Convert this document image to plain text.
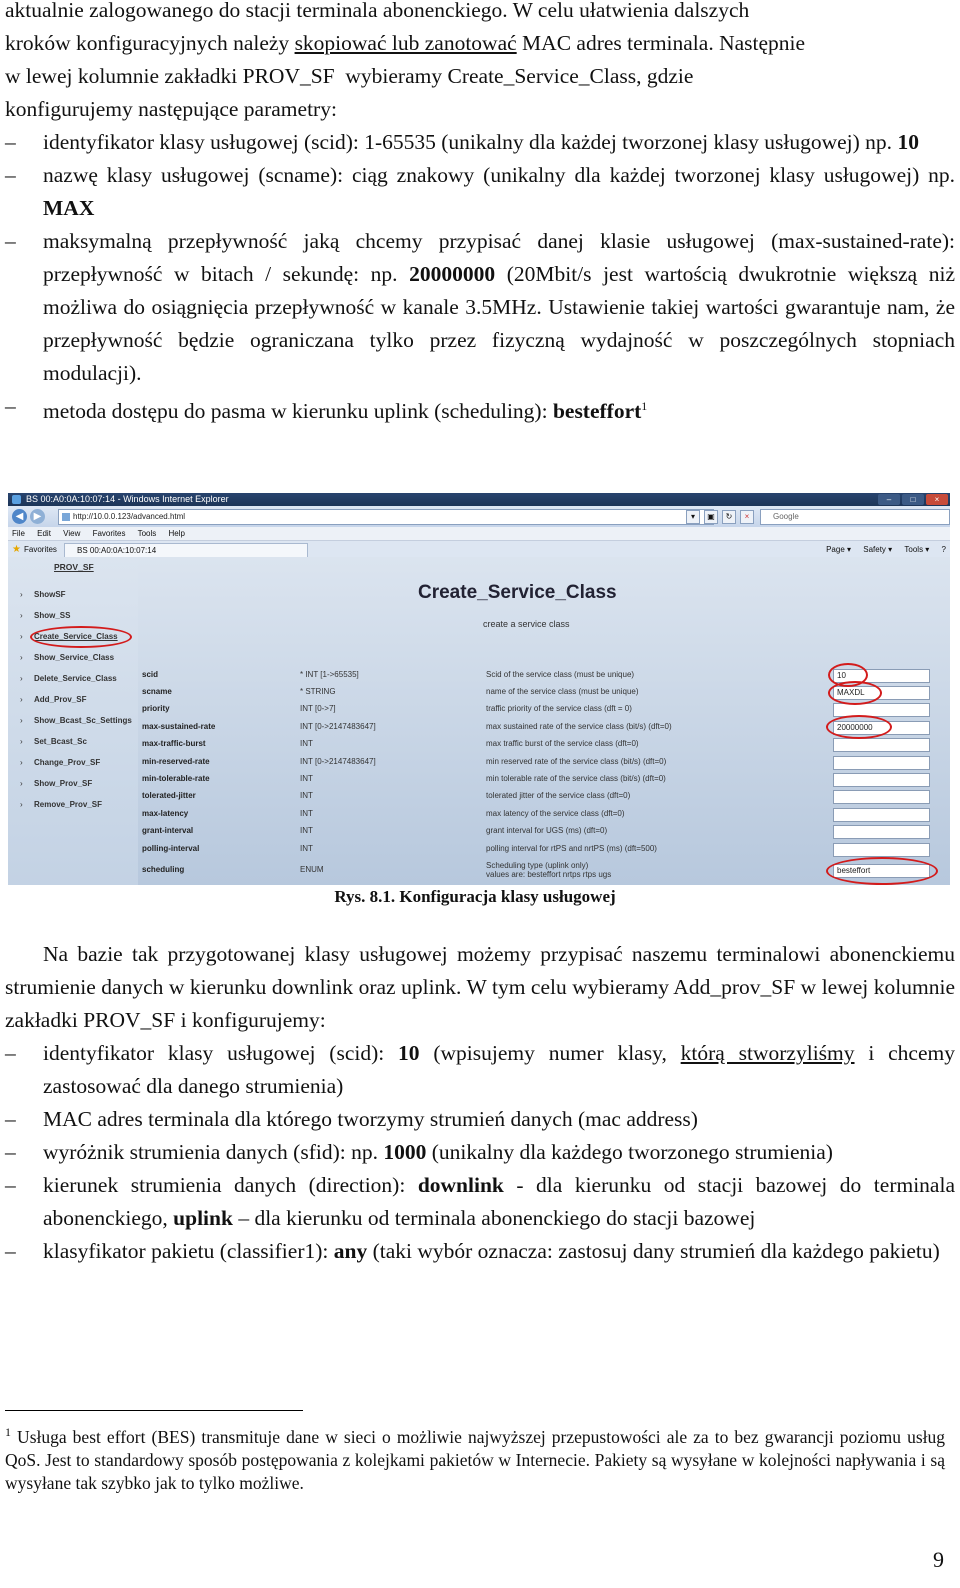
aktualnie zalogowanego do stacji terminala abonenckiego. W celu ułatwienia dalszych
kroków konfiguracyjnych należy skopiować lub zanotować MAC adres terminala. Następnie
w lewej kolumnie zakładki PROV_SF  wybieramy Create_Service_Class, gdzie
konfigurujemy następujące parametry:
– identyfikator klasy usługowej (scid): 1-65535 (unikalny dla każdej tworzonej klasy usługowej) np. 10
– nazwę klasy usługowej (scname): ciąg znakowy (unikalny dla każdej tworzonej klasy usługowej) np. MAX
– maksymalną przepływność jaką chcemy przypisać danej klasie usługowej (max-sustained-rate): przepływność w bitach / sekundę: np. 20000000 (20Mbit/s jest wartością dwukrotnie większą niż możliwa do osiągnięcia przepływność w kanale 3.5MHz. Ustawienie takiej wartości gwarantuje nam, że przepływność będzie ograniczana tylko przez fizyczną wydajność w poszczególnych stopniach modulacji).
– metoda dostępu do pasma w kierunku uplink (scheduling): besteffort$^1$
BS 00:A0:0A:10:07:14 - Windows Internet Explorer	–	□	×
◀	▶	http://10.0.0.123/advanced.html	▾	▣	↻	×	Google
File Edit View Favorites Tools Help
★ Favorites	BS 00:A0:0A:10:07:14	Page ▾ Safety ▾ Tools ▾ ?
PROV_SF
› ShowSF
› Show_SS
› Create_Service_Class
› Show_Service_Class
› Delete_Service_Class
› Add_Prov_SF
› Show_Bcast_Sc_Settings
› Set_Bcast_Sc
› Change_Prov_SF
› Show_Prov_SF
› Remove_Prov_SF
Create_Service_Class
create a service class
scid	* INT [1->65535]	Scid of the service class (must be unique)	10
scname	* STRING	name of the service class (must be unique)	MAXDL
priority	INT [0->7]	traffic priority of the service class (dft = 0)
max-sustained-rate	INT [0->2147483647]	max sustained rate of the service class (bit/s) (dft=0)	20000000
max-traffic-burst	INT	max traffic burst of the service class (dft=0)
min-reserved-rate	INT [0->2147483647]	min reserved rate of the service class (bit/s) (dft=0)
min-tolerable-rate	INT	min tolerable rate of the service class (bit/s) (dft=0)
tolerated-jitter	INT	tolerated jitter of the service class (dft=0)
max-latency	INT	max latency of the service class (dft=0)
grant-interval	INT	grant interval for UGS (ms) (dft=0)
polling-interval	INT	polling interval for rtPS and nrtPS (ms) (dft=500)
scheduling	ENUM	Scheduling type (uplink only)
values are: besteffort nrtps rtps ugs	besteffort
Rys. 8.1. Konfiguracja klasy usługowej
Na bazie tak przygotowanej klasy usługowej możemy przypisać naszemu terminalowi abonenckiemu strumienie danych w kierunku downlink oraz uplink. W tym celu wybieramy Add_prov_SF w lewej kolumnie zakładki PROV_SF i konfigurujemy:
– identyfikator klasy usługowej (scid): 10 (wpisujemy numer klasy, którą stworzyliśmy i chcemy zastosować dla danego strumienia)
– MAC adres terminala dla którego tworzymy strumień danych (mac address)
– wyróżnik strumienia danych (sfid): np. 1000 (unikalny dla każdego tworzonego strumienia)
– kierunek strumienia danych (direction): downlink - dla kierunku od stacji bazowej do terminala abonenckiego, uplink – dla kierunku od terminala abonenckiego do stacji bazowej
– klasyfikator pakietu (classifier1): any (taki wybór oznacza: zastosuj dany strumień dla każdego pakietu)
$^1$ Usługa best effort (BES) transmituje dane w sieci o możliwie najwyższej przepustowości ale za to bez gwarancji poziomu usług QoS. Jest to standardowy sposób postępowania z kolejkami pakietów w Internecie. Pakiety są wysyłane w kolejności napływania i są wysyłane tak szybko jak to tylko możliwe.
9
